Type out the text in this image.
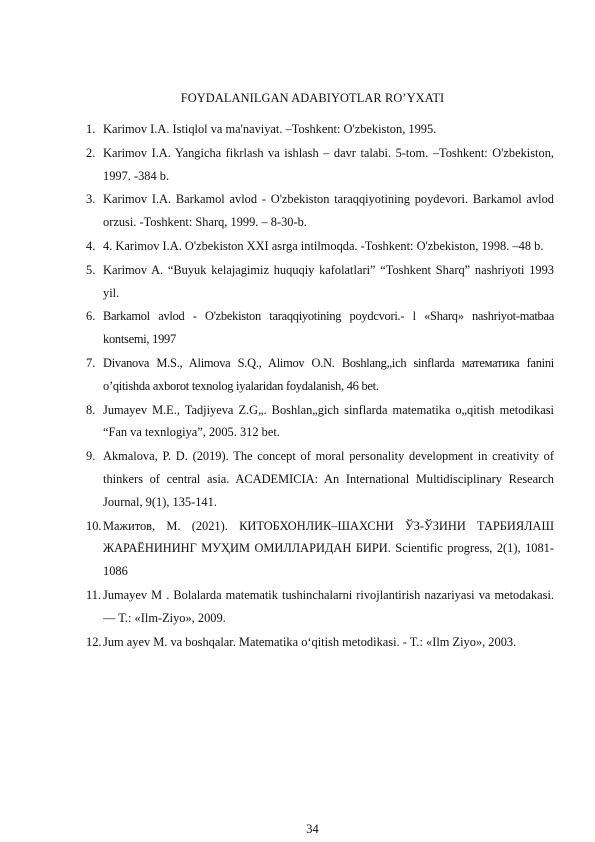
FOYDALANILGAN ADABIYOTLAR RO’YXATI
1. Karimov I.A. Istiqlol va ma'naviyat. –Toshkent: O'zbekiston, 1995.
2. Karimov I.A. Yangicha fikrlash va ishlash – davr talabi. 5-tom. –Toshkent: O'zbekiston, 1997. -384 b.
3. Karimov I.A. Barkamol avlod - O'zbekiston taraqqiyotining poydevori. Barkamol avlod orzusi. -Toshkent: Sharq, 1999. – 8-30-b.
4. 4. Karimov I.A. O'zbekiston XXI asrga intilmoqda. -Toshkent: O'zbekiston, 1998. –48 b.
5. Karimov A. “Buyuk kelajagimiz huquqiy kafolatlari” “Toshkent Sharq” nashriyoti 1993 yil.
6. Barkamol avlod - O'zbekiston taraqqiyotining poydcvori.- l «Sharq» nashriyot-matbaa kontsemi, 1997
7. Divanova M.S., Alimova S.Q., Alimov O.N. Boshlang„ich sinflarda математика fanini o’qitishda axborot texnolog iyalaridan foydalanish, 46 bet.
8. Jumayev M.E., Tadjiyeva Z.G„. Boshlan„gich sinflarda matematika o„qitish metodikasi “Fan va texnlogiya”, 2005. 312 bet.
9. Akmalova, P. D. (2019). The concept of moral personality development in creativity of thinkers of central asia. ACADEMICIA: An International Multidisciplinary Research Journal, 9(1), 135-141.
10. Мажитов, М. (2021). КИТОБХОНЛИК–ШАХСНИ ЎЗ-ЎЗИНИ ТАРБИЯЛАШ ЖАРАЁНИНИНГ МУҲИМ ОМИЛЛАРИДАН БИРИ. Scientific progress, 2(1), 1081-1086
11. Jumayev M . Bolalarda matematik tushinchalarni rivojlantirish nazariyasi va metodakasi. — T.: «Ilm-Ziyo», 2009.
12. Jum ayev M. va boshqalar. Matematika o‘qitish metodikasi. - T.: «Ilm Ziyo», 2003.
34
